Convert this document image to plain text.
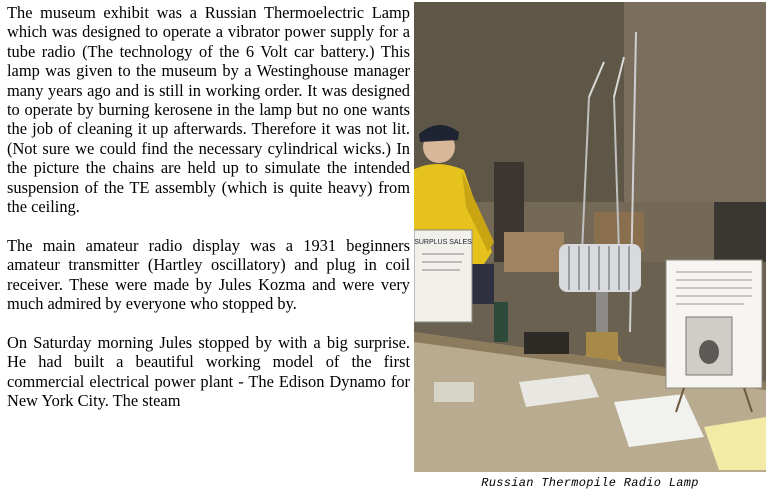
The museum exhibit was a Russian Thermoelectric Lamp which was designed to operate a vibrator power supply for a tube radio (The technology of the 6 Volt car battery.) This lamp was given to the museum by a Westinghouse manager many years ago and is still in working order. It was designed to operate by burning kerosene in the lamp but no one wants the job of cleaning it up afterwards. Therefore it was not lit. (Not sure we could find the necessary cylindrical wicks.) In the picture the chains are held up to simulate the intended suspension of the TE assembly (which is quite heavy) from the ceiling.

The main amateur radio display was a 1931 beginners amateur transmitter (Hartley oscillatory) and plug in coil receiver. These were made by Jules Kozma and were very much admired by everyone who stopped by.

On Saturday morning Jules stopped by with a big surprise. He had built a beautiful working model of the first commercial electrical power plant - The Edison Dynamo for New York City. The steam

SURPLUS SALES
Russian Thermopile Radio Lamp
